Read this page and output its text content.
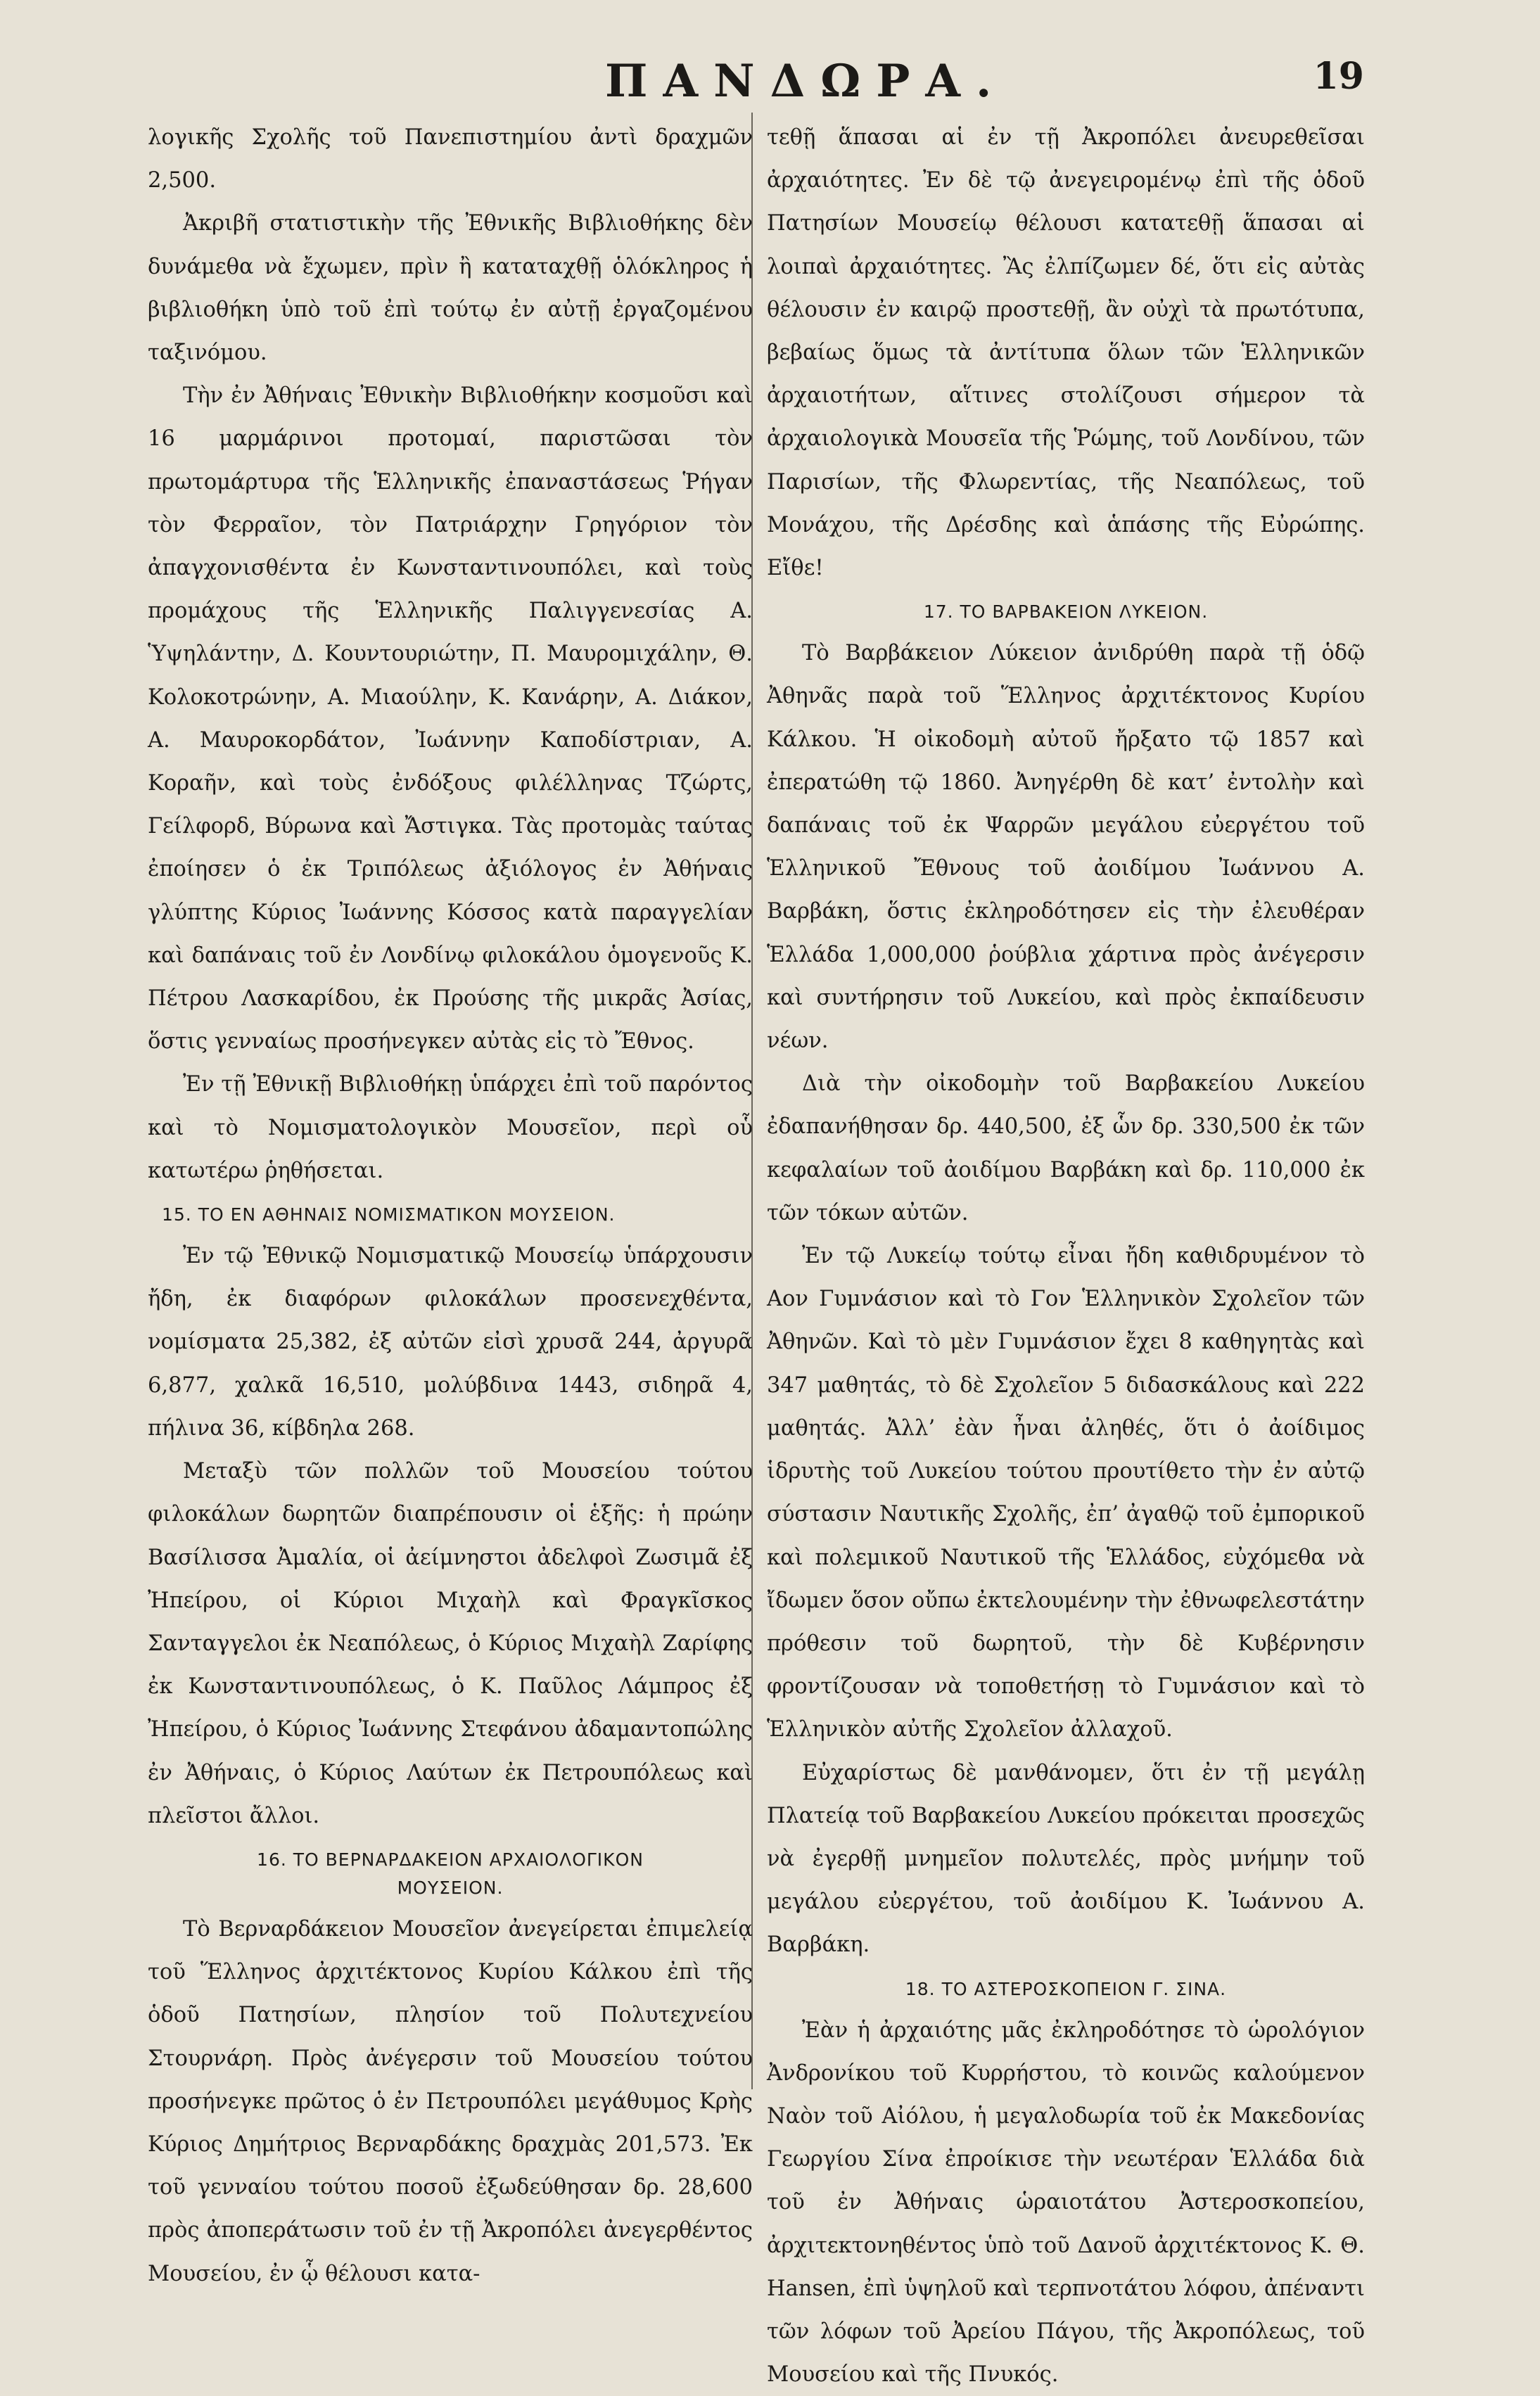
ΠΑΝΔΩΡΑ.	19

λογικῆς Σχολῆς τοῦ Πανεπιστημίου ἀντὶ δραχμῶν 2,500.

Ἀκριβῆ στατιστικὴν τῆς Ἐθνικῆς Βιβλιοθήκης δὲν δυνάμεθα νὰ ἔχωμεν, πρὶν ἢ καταταχθῇ ὁλόκληρος ἡ βιβλιοθήκη ὑπὸ τοῦ ἐπὶ τούτῳ ἐν αὐτῇ ἐργαζομένου ταξινόμου.

Τὴν ἐν Ἀθήναις Ἐθνικὴν Βιβλιοθήκην κοσμοῦσι καὶ 16 μαρμάρινοι προτομαί, παριστῶσαι τὸν πρωτομάρτυρα τῆς Ἑλληνικῆς ἐπαναστάσεως Ῥήγαν τὸν Φερραῖον, τὸν Πατριάρχην Γρηγόριον τὸν ἀπαγχονισθέντα ἐν Κωνσταντινουπόλει, καὶ τοὺς προμάχους τῆς Ἑλληνικῆς Παλιγγενεσίας Α. Ὑψηλάντην, Δ. Κουντουριώτην, Π. Μαυρομιχάλην, Θ. Κολοκοτρώνην, Α. Μιαούλην, Κ. Κανάρην, Α. Διάκον, Α. Μαυροκορδάτον, Ἰωάννην Καποδίστριαν, Α. Κοραῆν, καὶ τοὺς ἐνδόξους φιλέλληνας Τζώρτς, Γείλφορδ, Βύρωνα καὶ Ἄστιγκα. Τὰς προτομὰς ταύτας ἐποίησεν ὁ ἐκ Τριπόλεως ἀξιόλογος ἐν Ἀθήναις γλύπτης Κύριος Ἰωάννης Κόσσος κατὰ παραγγελίαν καὶ δαπάναις τοῦ ἐν Λονδίνῳ φιλοκάλου ὁμογενοῦς Κ. Πέτρου Λασκαρίδου, ἐκ Προύσης τῆς μικρᾶς Ἀσίας, ὅστις γενναίως προσήνεγκεν αὐτὰς εἰς τὸ Ἔθνος.

Ἐν τῇ Ἐθνικῇ Βιβλιοθήκῃ ὑπάρχει ἐπὶ τοῦ παρόντος καὶ τὸ Νομισματολογικὸν Μουσεῖον, περὶ οὗ κατωτέρω ῥηθήσεται.

15. ΤΟ ΕΝ ΑΘΗΝΑΙΣ ΝΟΜΙΣΜΑΤΙΚΟΝ ΜΟΥΣΕΙΟΝ.

Ἐν τῷ Ἐθνικῷ Νομισματικῷ Μουσείῳ ὑπάρχουσιν ἤδη, ἐκ διαφόρων φιλοκάλων προσενεχθέντα, νομίσματα 25,382, ἐξ αὐτῶν εἰσὶ χρυσᾶ 244, ἀργυρᾶ 6,877, χαλκᾶ 16,510, μολύβδινα 1443, σιδηρᾶ 4, πήλινα 36, κίβδηλα 268.

Μεταξὺ τῶν πολλῶν τοῦ Μουσείου τούτου φιλοκάλων δωρητῶν διαπρέπουσιν οἱ ἑξῆς: ἡ πρώην Βασίλισσα Ἀμαλία, οἱ ἀείμνηστοι ἀδελφοὶ Ζωσιμᾶ ἐξ Ἠπείρου, οἱ Κύριοι Μιχαὴλ καὶ Φραγκῖσκος Σανταγγελοι ἐκ Νεαπόλεως, ὁ Κύριος Μιχαὴλ Ζαρίφης ἐκ Κωνσταντινουπόλεως, ὁ Κ. Παῦλος Λάμπρος ἐξ Ἠπείρου, ὁ Κύριος Ἰωάννης Στεφάνου ἀδαμαντοπώλης ἐν Ἀθήναις, ὁ Κύριος Λαύτων ἐκ Πετρουπόλεως καὶ πλεῖστοι ἄλλοι.

16. ΤΟ ΒΕΡΝΑΡΔΑΚΕΙΟΝ ΑΡΧΑΙΟΛΟΓΙΚΟΝ
ΜΟΥΣΕΙΟΝ.

Τὸ Βερναρδάκειον Μουσεῖον ἀνεγείρεται ἐπιμελείᾳ τοῦ Ἕλληνος ἀρχιτέκτονος Κυρίου Κάλκου ἐπὶ τῆς ὁδοῦ Πατησίων, πλησίον τοῦ Πολυτεχνείου Στουρνάρη. Πρὸς ἀνέγερσιν τοῦ Μουσείου τούτου προσήνεγκε πρῶτος ὁ ἐν Πετρουπόλει μεγάθυμος Κρὴς Κύριος Δημήτριος Βερναρδάκης δραχμὰς 201,573. Ἐκ τοῦ γενναίου τούτου ποσοῦ ἐξωδεύθησαν δρ. 28,600 πρὸς ἀποπεράτωσιν τοῦ ἐν τῇ Ἀκροπόλει ἀνεγερθέντος Μουσείου, ἐν ᾧ θέλουσι κατα-

τεθῇ ἅπασαι αἱ ἐν τῇ Ἀκροπόλει ἀνευρεθεῖσαι ἀρχαιότητες. Ἐν δὲ τῷ ἀνεγειρομένῳ ἐπὶ τῆς ὁδοῦ Πατησίων Μουσείῳ θέλουσι κατατεθῇ ἅπασαι αἱ λοιπαὶ ἀρχαιότητες. Ἂς ἐλπίζωμεν δέ, ὅτι εἰς αὐτὰς θέλουσιν ἐν καιρῷ προστεθῇ, ἂν οὐχὶ τὰ πρωτότυπα, βεβαίως ὅμως τὰ ἀντίτυπα ὅλων τῶν Ἑλληνικῶν ἀρχαιοτήτων, αἵτινες στολίζουσι σήμερον τὰ ἀρχαιολογικὰ Μουσεῖα τῆς Ῥώμης, τοῦ Λονδίνου, τῶν Παρισίων, τῆς Φλωρεντίας, τῆς Νεαπόλεως, τοῦ Μονάχου, τῆς Δρέσδης καὶ ἁπάσης τῆς Εὐρώπης. Εἴθε!

17. ΤΟ ΒΑΡΒΑΚΕΙΟΝ ΛΥΚΕΙΟΝ.

Τὸ Βαρβάκειον Λύκειον ἀνιδρύθη παρὰ τῇ ὁδῷ Ἀθηνᾶς παρὰ τοῦ Ἕλληνος ἀρχιτέκτονος Κυρίου Κάλκου. Ἡ οἰκοδομὴ αὐτοῦ ἤρξατο τῷ 1857 καὶ ἐπερατώθη τῷ 1860. Ἀνηγέρθη δὲ κατ’ ἐντολὴν καὶ δαπάναις τοῦ ἐκ Ψαρρῶν μεγάλου εὐεργέτου τοῦ Ἑλληνικοῦ Ἔθνους τοῦ ἀοιδίμου Ἰωάννου Α. Βαρβάκη, ὅστις ἐκληροδότησεν εἰς τὴν ἐλευθέραν Ἑλλάδα 1,000,000 ῥούβλια χάρτινα πρὸς ἀνέγερσιν καὶ συντήρησιν τοῦ Λυκείου, καὶ πρὸς ἐκπαίδευσιν νέων.

Διὰ τὴν οἰκοδομὴν τοῦ Βαρβακείου Λυκείου ἐδαπανήθησαν δρ. 440,500, ἐξ ὧν δρ. 330,500 ἐκ τῶν κεφαλαίων τοῦ ἀοιδίμου Βαρβάκη καὶ δρ. 110,000 ἐκ τῶν τόκων αὐτῶν.

Ἐν τῷ Λυκείῳ τούτῳ εἶναι ἤδη καθιδρυμένον τὸ Αον Γυμνάσιον καὶ τὸ Γον Ἑλληνικὸν Σχολεῖον τῶν Ἀθηνῶν. Καὶ τὸ μὲν Γυμνάσιον ἔχει 8 καθηγητὰς καὶ 347 μαθητάς, τὸ δὲ Σχολεῖον 5 διδασκάλους καὶ 222 μαθητάς. Ἀλλ’ ἐὰν ἦναι ἀληθές, ὅτι ὁ ἀοίδιμος ἱδρυτὴς τοῦ Λυκείου τούτου προυτίθετο τὴν ἐν αὐτῷ σύστασιν Ναυτικῆς Σχολῆς, ἐπ’ ἀγαθῷ τοῦ ἐμπορικοῦ καὶ πολεμικοῦ Ναυτικοῦ τῆς Ἑλλάδος, εὐχόμεθα νὰ ἴδωμεν ὅσον οὔπω ἐκτελουμένην τὴν ἐθνωφελεστάτην πρόθεσιν τοῦ δωρητοῦ, τὴν δὲ Κυβέρνησιν φροντίζουσαν νὰ τοποθετήσῃ τὸ Γυμνάσιον καὶ τὸ Ἑλληνικὸν αὐτῆς Σχολεῖον ἀλλαχοῦ.

Εὐχαρίστως δὲ μανθάνομεν, ὅτι ἐν τῇ μεγάλῃ Πλατείᾳ τοῦ Βαρβακείου Λυκείου πρόκειται προσεχῶς νὰ ἐγερθῇ μνημεῖον πολυτελές, πρὸς μνήμην τοῦ μεγάλου εὐεργέτου, τοῦ ἀοιδίμου Κ. Ἰωάννου Α. Βαρβάκη.

18. ΤΟ ΑΣΤΕΡΟΣΚΟΠΕΙΟΝ Γ. ΣΙΝΑ.

Ἐὰν ἡ ἀρχαιότης μᾶς ἐκληροδότησε τὸ ὡρολόγιον Ἀνδρονίκου τοῦ Κυρρήστου, τὸ κοινῶς καλούμενον Ναὸν τοῦ Αἰόλου, ἡ μεγαλοδωρία τοῦ ἐκ Μακεδονίας Γεωργίου Σίνα ἐπροίκισε τὴν νεωτέραν Ἑλλάδα διὰ τοῦ ἐν Ἀθήναις ὡραιοτάτου Ἀστεροσκοπείου, ἀρχιτεκτονηθέντος ὑπὸ τοῦ Δανοῦ ἀρχιτέκτονος Κ. Θ. Hansen, ἐπὶ ὑψηλοῦ καὶ τερπνοτάτου λόφου, ἀπέναντι τῶν λόφων τοῦ Ἀρείου Πάγου, τῆς Ἀκροπόλεως, τοῦ Μουσείου καὶ τῆς Πνυκός.
